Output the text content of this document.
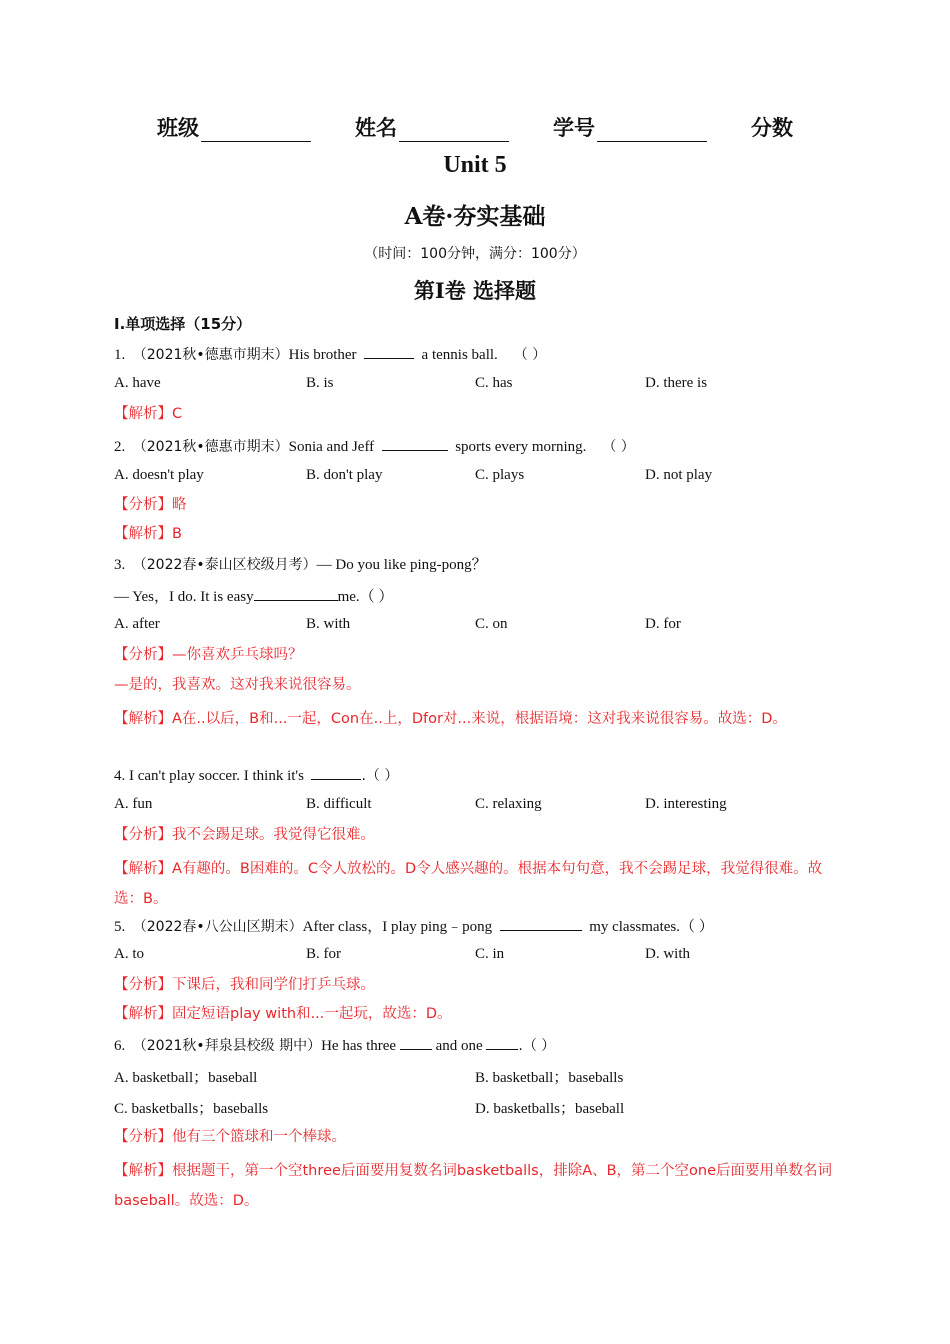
班级	姓名	学号	分数
Unit 5
A卷·夯实基础
（时间：100分钟，满分：100分）
第Ⅰ卷 选择题
Ⅰ.单项选择（15分）
1. （2021秋•德惠市期末）His brother	a tennis ball. （ ）
A. have	B. is	C. has	D. there is
【解析】C
2. （2021秋•德惠市期末）Sonia and Jeff	sports every morning. （ ）
A. doesn't play	B. don't play	C. plays	D. not play
【分析】略
【解析】B
3. （2022春•泰山区校级月考）— Do you like ping-pong？
— Yes，I do. It is easy	me.（ ）
A. after	B. with	C. on	D. for
【分析】—你喜欢乒乓球吗？
—是的，我喜欢。这对我来说很容易。
【解析】A在..以后，B和...一起，Con在..上，Dfor对...来说，根据语境：这对我来说很容易。故选：D。
4. I can't play soccer. I think it's	.（ ）
A. fun	B. difficult	C. relaxing	D. interesting
【分析】我不会踢足球。我觉得它很难。
【解析】A有趣的。B困难的。C令人放松的。D令人感兴趣的。根据本句句意，我不会踢足球，我觉得很难。故选：B。
5. （2022春•八公山区期末）After class，I play ping﹣pong	my classmates.（ ）
A. to	B. for	C. in	D. with
【分析】下课后，我和同学们打乒乓球。
【解析】固定短语play with和...一起玩，故选：D。
6. （2021秋•拜泉县校级 期中）He has three	and one	.（ ）
A. basketball；baseball	B. basketball；baseballs
C. basketballs；baseballs	D. basketballs；baseball
【分析】他有三个篮球和一个棒球。
【解析】根据题干，第一个空three后面要用复数名词basketballs，排除A、B，第二个空one后面要用单数名词baseball。故选：D。
